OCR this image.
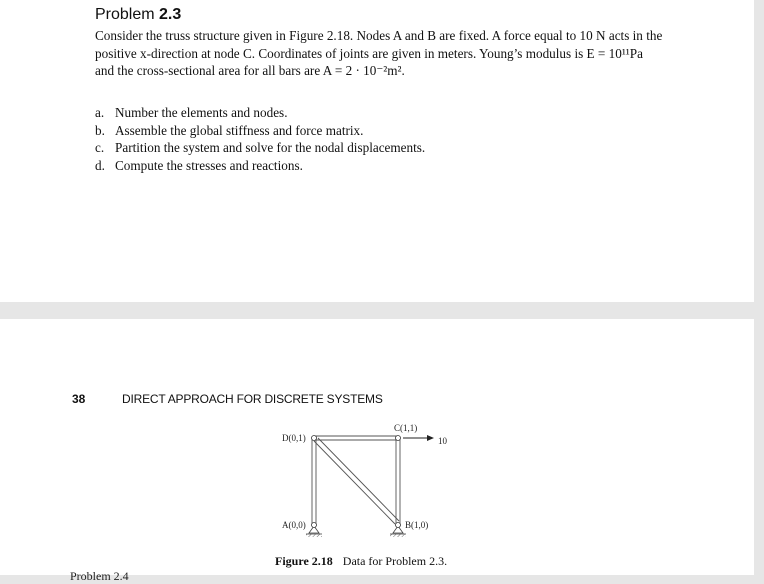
Problem 2.3
Consider the truss structure given in Figure 2.18. Nodes A and B are fixed. A force equal to 10 N acts in the
positive x-direction at node C. Coordinates of joints are given in meters. Young’s modulus is E = 10¹¹Pa
and the cross-sectional area for all bars are A = 2 · 10⁻²m².
a. Number the elements and nodes.
b. Assemble the global stiffness and force matrix.
c. Partition the system and solve for the nodal displacements.
d. Compute the stresses and reactions.
38	DIRECT APPROACH FOR DISCRETE SYSTEMS
D(0,1)
C(1,1)
A(0,0)	B(1,0)
10
Figure 2.18 Data for Problem 2.3.
Problem 2.4
